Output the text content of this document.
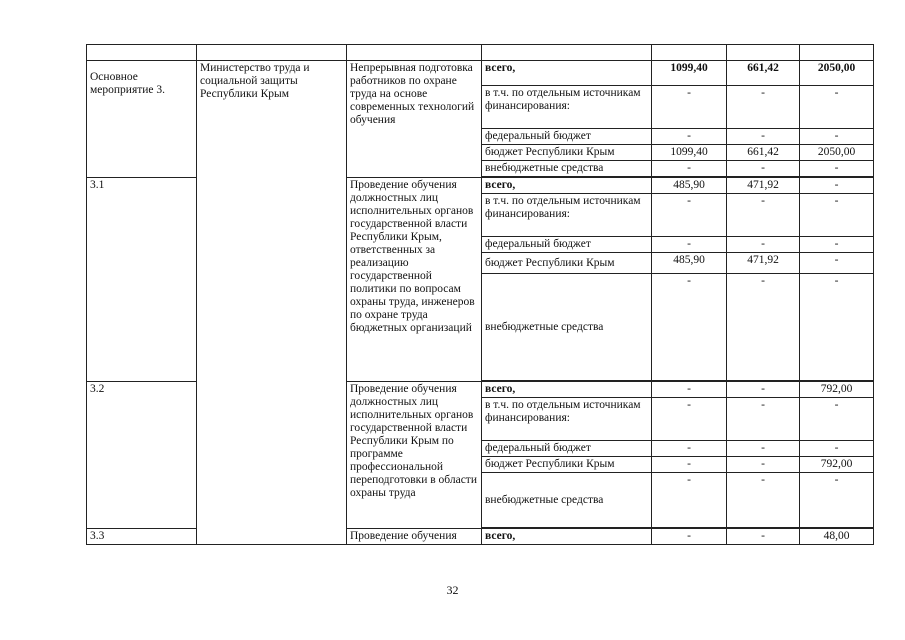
Основное мероприятие 3.	Министерство труда и социальной защиты Республики Крым	Непрерывная подготовка работников по охране труда на основе современных технологий обучения	всего,	1099,40	661,42	2050,00
			в т.ч. по отдельным источникам финансирования:	-	-	-
			федеральный бюджет	-	-	-
			бюджет Республики Крым	1099,40	661,42	2050,00
			внебюджетные средства	-	-	-

3.1		Проведение обучения должностных лиц исполнительных органов государственной власти Республики Крым, ответственных за реализацию государственной политики по вопросам охраны труда, инженеров по охране труда бюджетных организаций	всего,	485,90	471,92	-
			в т.ч. по отдельным источникам финансирования:	-	-	-
			федеральный бюджет	-	-	-
			бюджет Республики Крым	485,90	471,92	-
			внебюджетные средства	-	-	-

3.2		Проведение обучения должностных лиц исполнительных органов государственной власти Республики Крым по программе профессиональной переподготовки в области охраны труда	всего,	-	-	792,00
			в т.ч. по отдельным источникам финансирования:	-	-	-
			федеральный бюджет	-	-	-
			бюджет Республики Крым	-	-	792,00
			внебюджетные средства	-	-	-

3.3		Проведение обучения	всего,	-	-	48,00
32
